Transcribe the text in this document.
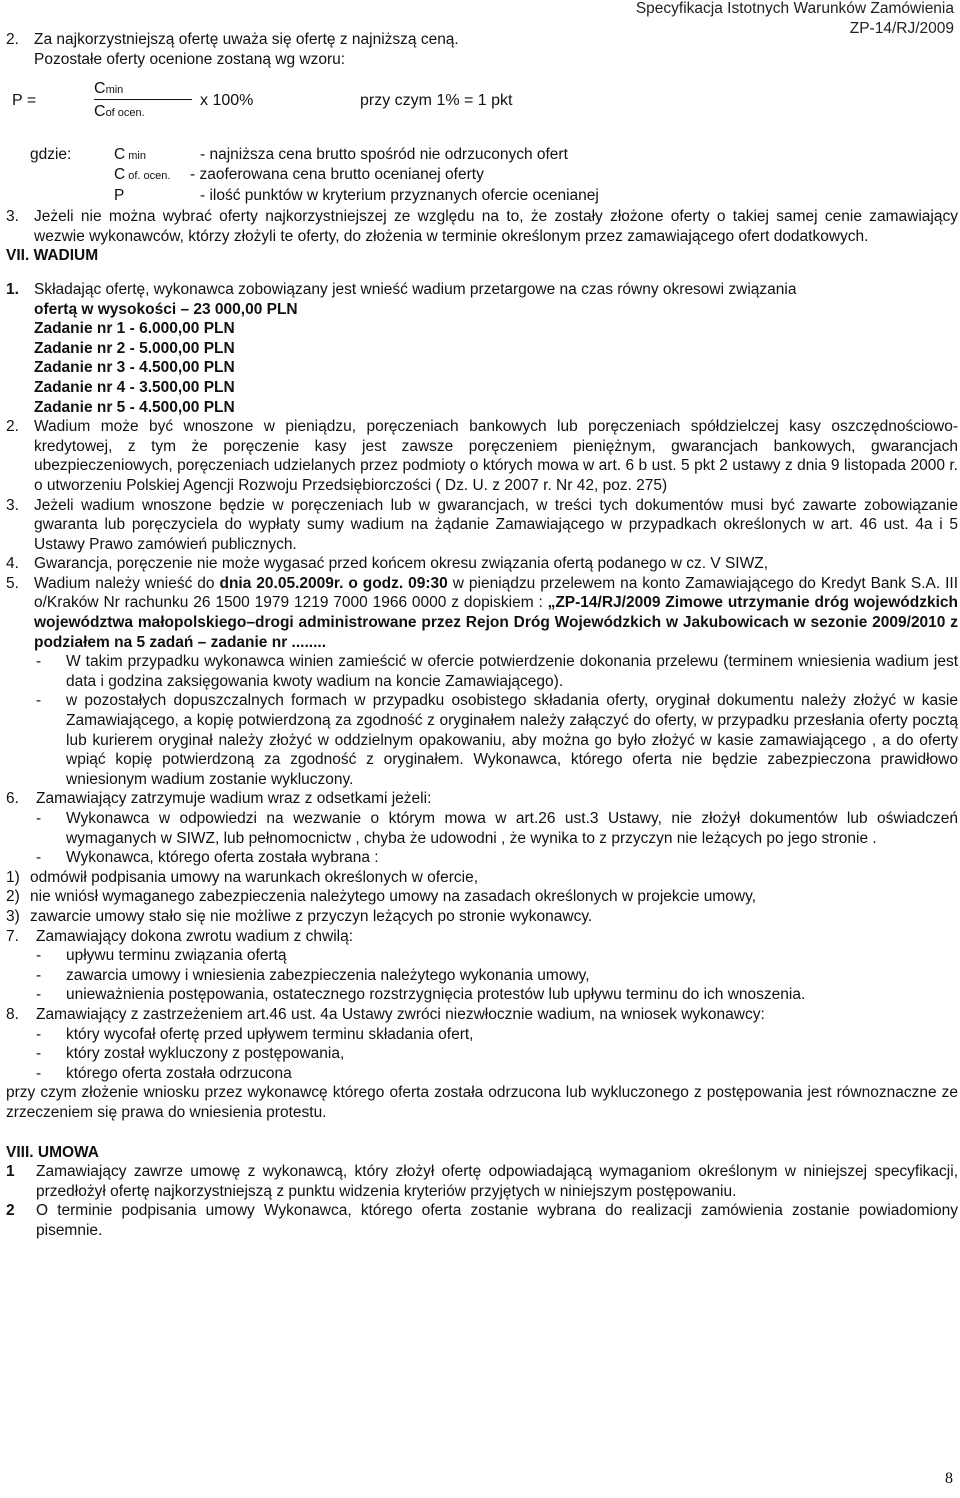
Specyfikacja Istotnych Warunków Zamówienia
ZP-14/RJ/2009
2. Za najkorzystniejszą ofertę uważa się ofertę z najniższą ceną.

Pozostałe oferty ocenione zostaną wg wzoru:

P =
Cmin
Cof ocen.
x 100%	przy czym 1% = 1 pkt
gdzie:	C min	- najniższa cena brutto spośród nie odrzuconych ofert
C of. ocen. - zaoferowana cena brutto ocenianej oferty
P	- ilość punktów w kryterium przyznanych ofercie ocenianej
3. Jeżeli nie można wybrać oferty najkorzystniejszej ze względu na to, że zostały złożone oferty o takiej samej cenie zamawiający wezwie wykonawców, którzy złożyli te oferty, do złożenia w terminie określonym przez zamawiającego ofert dodatkowych.

VII. WADIUM

1. Składając ofertę, wykonawca zobowiązany jest wnieść wadium przetargowe na czas równy okresowi związania

ofertą w wysokości – 23 000,00 PLN

Zadanie nr 1 - 6.000,00 PLN

Zadanie nr 2 - 5.000,00 PLN

Zadanie nr 3 - 4.500,00 PLN

Zadanie nr 4 - 3.500,00 PLN

Zadanie nr 5 - 4.500,00 PLN

2. Wadium może być wnoszone w pieniądzu, poręczeniach bankowych lub poręczeniach spółdzielczej kasy oszczędnościowo-kredytowej, z tym że poręczenie kasy jest zawsze poręczeniem pieniężnym, gwarancjach bankowych, gwarancjach ubezpieczeniowych, poręczeniach udzielanych przez podmioty o których mowa w art. 6 b ust. 5 pkt 2 ustawy z dnia 9 listopada 2000 r. o utworzeniu Polskiej Agencji Rozwoju Przedsiębiorczości ( Dz. U. z 2007 r. Nr 42, poz. 275)

3. Jeżeli wadium wnoszone będzie w poręczeniach lub w gwarancjach, w treści tych dokumentów musi być zawarte zobowiązanie gwaranta lub poręczyciela do wypłaty sumy wadium na żądanie Zamawiającego w przypadkach określonych w art. 46 ust. 4a i 5 Ustawy Prawo zamówień publicznych.

4. Gwarancja, poręczenie nie może wygasać przed końcem okresu związania ofertą podanego w cz. V SIWZ,

5. Wadium należy wnieść do dnia 20.05.2009r. o godz. 09:30 w pieniądzu przelewem na konto Zamawiającego do Kredyt Bank S.A. III o/Kraków Nr rachunku 26 1500 1979 1219 7000 1966 0000 z dopiskiem : „ZP-14/RJ/2009 Zimowe utrzymanie dróg wojewódzkich województwa małopolskiego–drogi administrowane przez Rejon Dróg Wojewódzkich w Jakubowicach w sezonie 2009/2010 z podziałem na 5 zadań – zadanie nr ........

-	W takim przypadku wykonawca winien zamieścić w ofercie potwierdzenie dokonania przelewu (terminem wniesienia wadium jest data i godzina zaksięgowania kwoty wadium na koncie Zamawiającego).

-	w pozostałych dopuszczalnych formach w przypadku osobistego składania oferty, oryginał dokumentu należy złożyć w kasie Zamawiającego, a kopię potwierdzoną za zgodność z oryginałem należy załączyć do oferty, w przypadku przesłania oferty pocztą lub kurierem oryginał należy złożyć w oddzielnym opakowaniu, aby można go było złożyć w kasie zamawiającego , a do oferty wpiąć kopię potwierdzoną za zgodność z oryginałem. Wykonawca, którego oferta nie będzie zabezpieczona prawidłowo wniesionym wadium zostanie wykluczony.

6.	Zamawiający zatrzymuje wadium wraz z odsetkami jeżeli:

-	Wykonawca w odpowiedzi na wezwanie o którym mowa w art.26 ust.3 Ustawy, nie złożył dokumentów lub oświadczeń wymaganych w SIWZ, lub pełnomocnictw , chyba że udowodni , że wynika to z przyczyn nie leżących po jego stronie .

-	Wykonawca, którego oferta została wybrana :

1) odmówił podpisania umowy na warunkach określonych w ofercie,

2) nie wniósł wymaganego zabezpieczenia należytego umowy na zasadach określonych w projekcie umowy,

3) zawarcie umowy stało się nie możliwe z przyczyn leżących po stronie wykonawcy.

7.	Zamawiający dokona zwrotu wadium z chwilą:

-	upływu terminu związania ofertą

-	zawarcia umowy i wniesienia zabezpieczenia należytego wykonania umowy,

-	unieważnienia postępowania, ostatecznego rozstrzygnięcia protestów lub upływu terminu do ich wnoszenia.

8.	Zamawiający z zastrzeżeniem art.46 ust. 4a Ustawy zwróci niezwłocznie wadium, na wniosek wykonawcy:

-	który wycofał ofertę przed upływem terminu składania ofert,

-	który został wykluczony z postępowania,

-	którego oferta została odrzucona

przy czym złożenie wniosku przez wykonawcę którego oferta została odrzucona lub wykluczonego z postępowania jest równoznaczne ze zrzeczeniem się prawa do wniesienia protestu.

VIII. UMOWA

1	Zamawiający zawrze umowę z wykonawcą, który złożył ofertę odpowiadającą wymaganiom określonym w niniejszej specyfikacji, przedłożył ofertę najkorzystniejszą z punktu widzenia kryteriów przyjętych w niniejszym postępowaniu.

2	O terminie podpisania umowy Wykonawca, którego oferta zostanie wybrana do realizacji zamówienia zostanie powiadomiony pisemnie.

8
